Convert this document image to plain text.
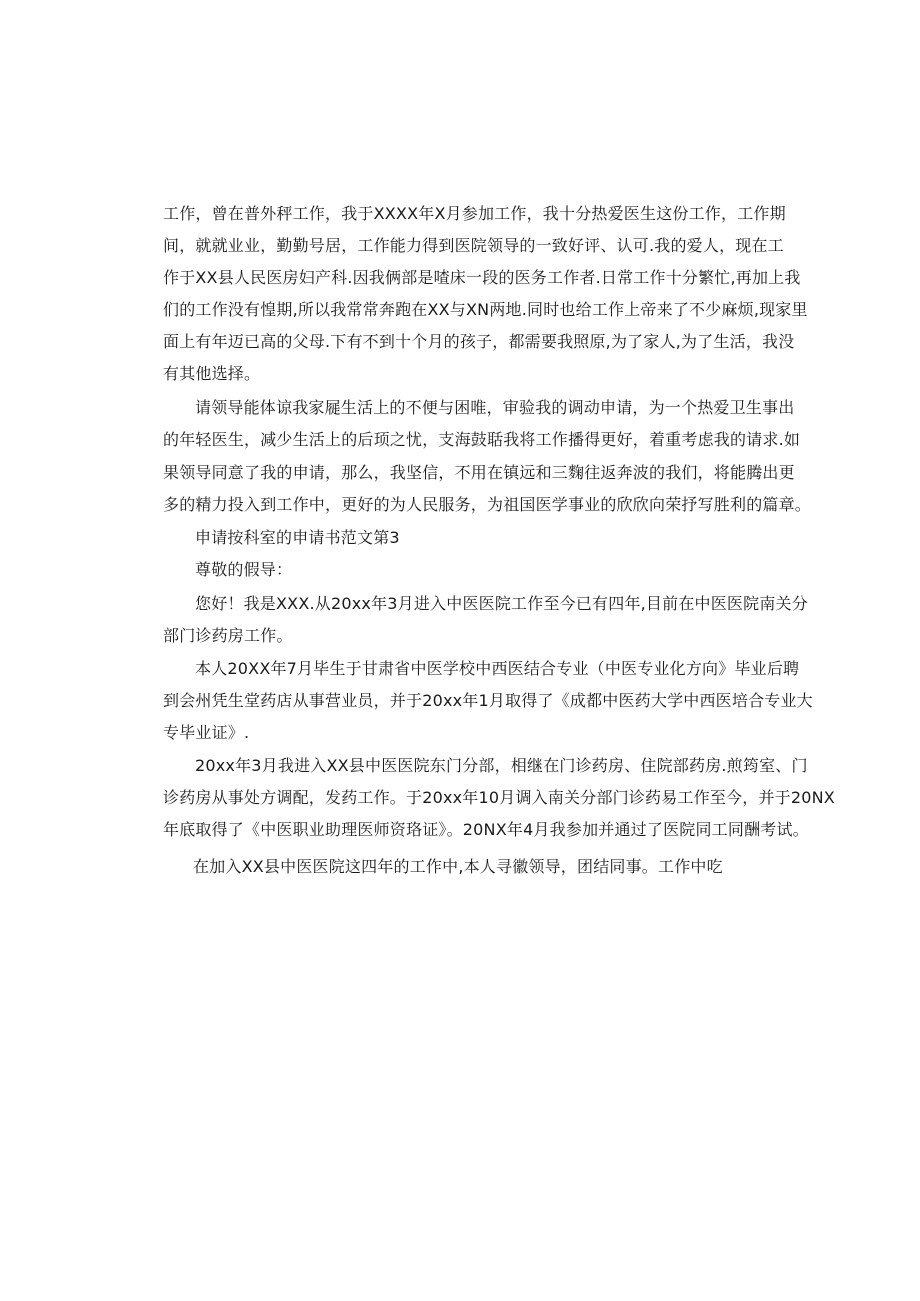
工作，曾在普外秤工作，我于XXXX年X月参加工作，我十分热爱医生这份工作，工作期
间，就就业业，勤勤号居，工作能力得到医院领导的一致好评、认可.我的爱人，现在工
作于XX县人民医房妇产科.因我俩部是喳床一段的医务工作者.日常工作十分繁忙,再加上我
们的工作没有惶期,所以我常常奔跑在XX与XN两地.同时也给工作上帝来了不少麻烦,现家里
面上有年迈已高的父母.下有不到十个月的孩子，都需要我照原,为了家人,为了生活，我没
有其他选择。
请领导能体谅我家屣生活上的不便与困唯，审验我的调动申请，为一个热爱卫生事出
的年轻医生，减少生活上的后顼之忧，支海鼓聒我将工作播得更好，着重考虑我的请求.如
果领导同意了我的申请，那么，我坚信，不用在镇远和三麴往返奔波的我们，将能腾出更
多的精力投入到工作中，更好的为人民服务，为祖国医学事业的欣欣向荣抒写胜利的篇章。
申请按科室的申请书范文第3
尊敬的假导：
您好！我是XXX.从20xx年3月进入中医医院工作至今已有四年,目前在中医医院南关分
部门诊药房工作。
本人20XX年7月毕生于甘肃省中医学校中西医结合专业（中医专业化方向》毕业后聘
到会州凭生堂药店从事营业员，并于20xx年1月取得了《成都中医药大学中西医培合专业大
专毕业证》.
20xx年3月我进入XX县中医医院东门分部，相继在门诊药房、住院部药房.煎筠室、门
诊药房从事处方调配，发药工作。于20xx年10月调入南关分部门诊药易工作至今，并于20NX
年底取得了《中医职业助理医师资珞证》。20NX年4月我参加并通过了医院同工同酬考试。
在加入XX县中医医院这四年的工作中,本人寻徽领导，团结同事。工作中吃
